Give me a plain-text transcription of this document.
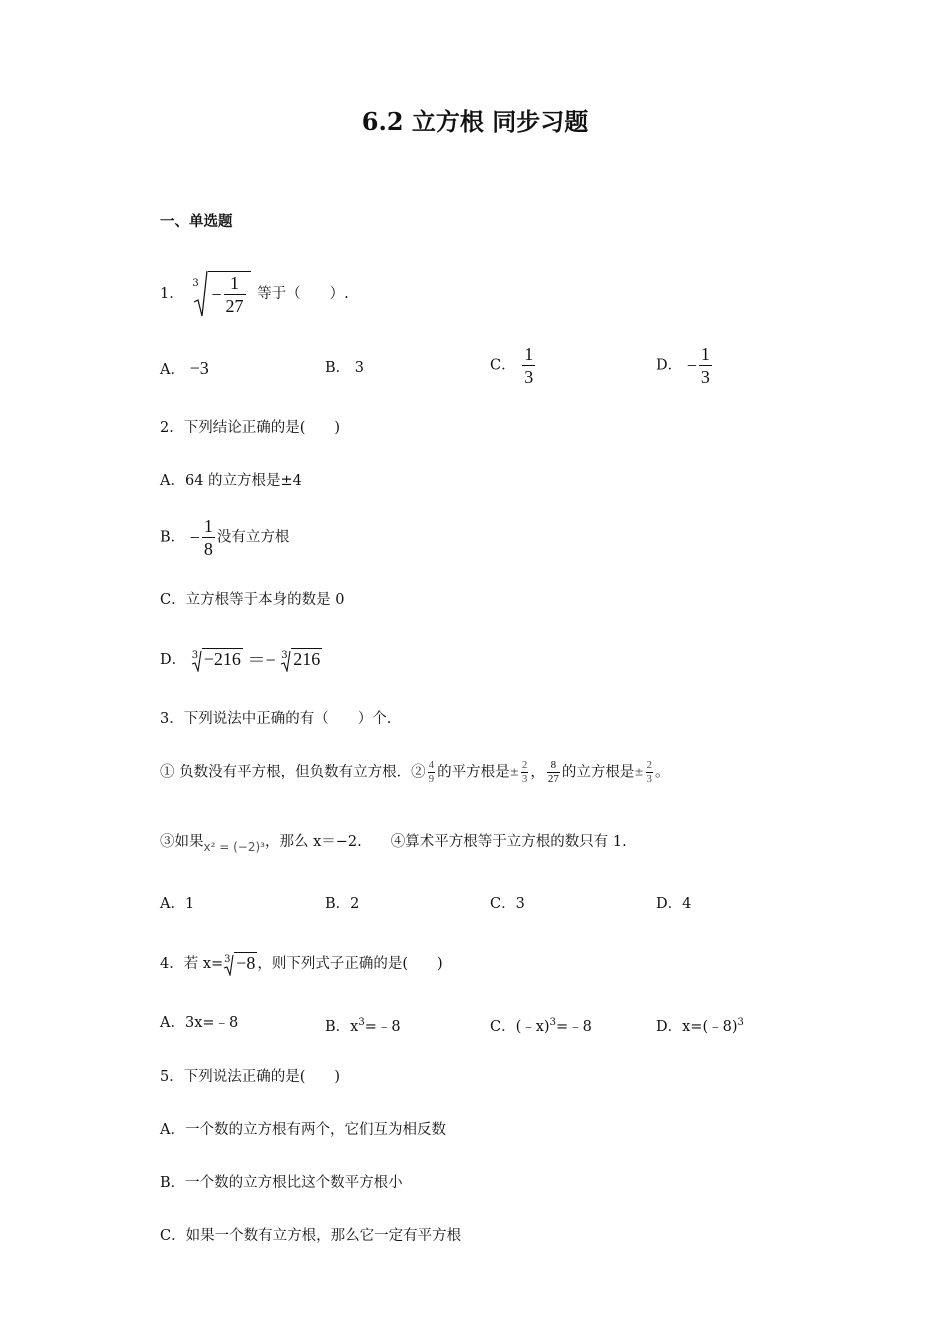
6.2 立方根 同步习题
一、单选题
1．
3
− $\frac{1}{27}$ 等于（　　）.
A． −3	B． 3	C． $\frac{1}{3}$	D． − $\frac{1}{3}$
2．下列结论正确的是(　　)
A．64 的立方根是±4
B． − $\frac{1}{8}$ 没有立方根
C．立方根等于本身的数是 0
D． 3 −216 ＝− 3 216
3．下列说法中正确的有（　　）个.
① 负数没有平方根，但负数有立方根．② $\frac{4}{9}$ 的平方根是± $\frac{2}{3}$ ， $\frac{8}{27}$ 的立方根是± $\frac{2}{3}$ 。
③如果$_{x^2 = (-2)^3}$，那么 x＝−2.　　④算术平方根等于立方根的数只有 1.
A．1	B．2	C．3	D．4
4．若 x= 3 −8 ，则下列式子正确的是(　　)
A．3x=﹣8	B．$x^3=﹣8$	C．(﹣x)$^3$=﹣8	D．x=(﹣8)$^3$
5．下列说法正确的是(　　)
A．一个数的立方根有两个，它们互为相反数
B．一个数的立方根比这个数平方根小
C．如果一个数有立方根，那么它一定有平方根
